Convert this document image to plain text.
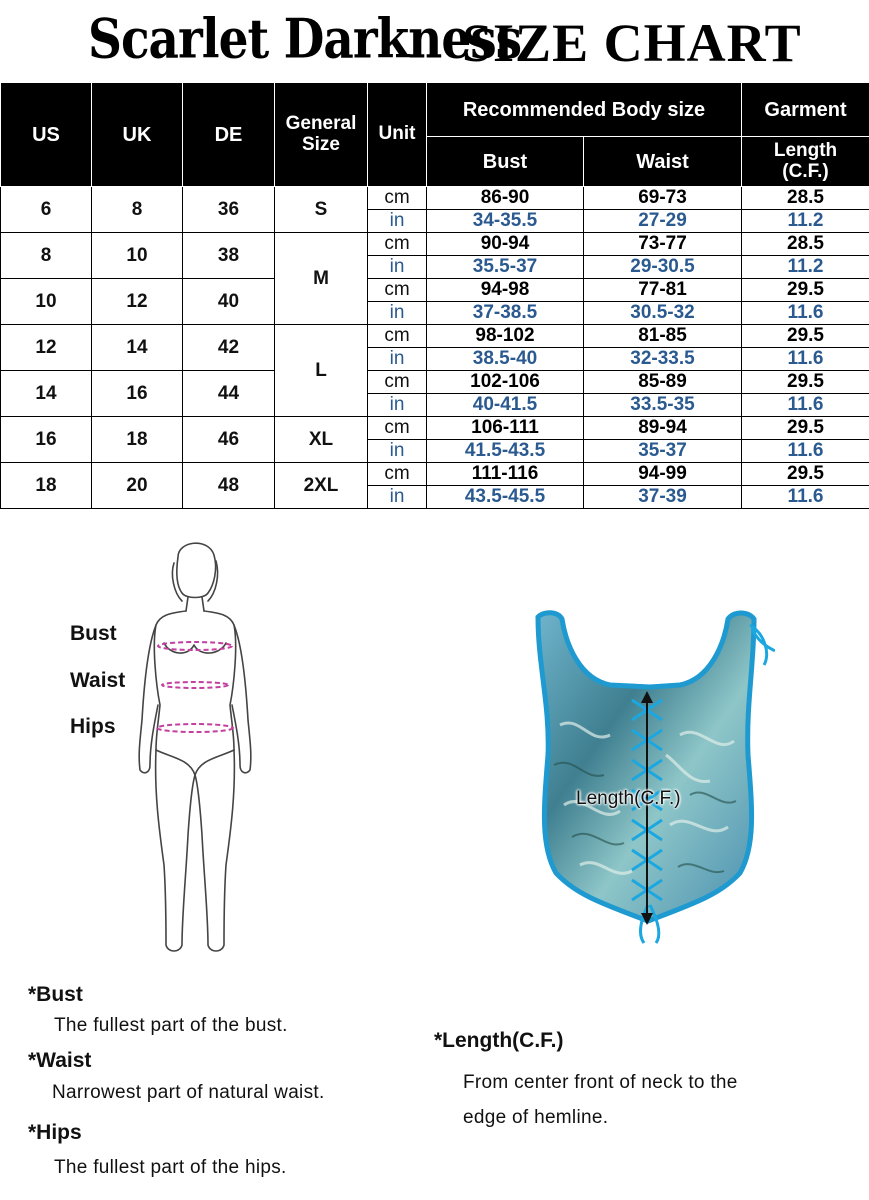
Scarlet Darkness
SIZE CHART
US	UK	DE	General Size	Unit	Recommended Body size		Garment
					Bust	Waist	Length (C.F.)
6	8	36	S	cm	86-90	69-73	28.5
				in	34-35.5	27-29	11.2
8	10	38	M	cm	90-94	73-77	28.5
				in	35.5-37	29-30.5	11.2
10	12	40		cm	94-98	77-81	29.5
				in	37-38.5	30.5-32	11.6
12	14	42	L	cm	98-102	81-85	29.5
				in	38.5-40	32-33.5	11.6
14	16	44		cm	102-106	85-89	29.5
				in	40-41.5	33.5-35	11.6
16	18	46	XL	cm	106-111	89-94	29.5
				in	41.5-43.5	35-37	11.6
18	20	48	2XL	cm	111-116	94-99	29.5
				in	43.5-45.5	37-39	11.6
Bust
Waist
Hips
Length(C.F.)
*Bust
The fullest part of the bust.
*Waist
Narrowest part of natural waist.
*Hips
The fullest part of the hips.
*Length(C.F.)
From center front of neck to the
edge of hemline.
